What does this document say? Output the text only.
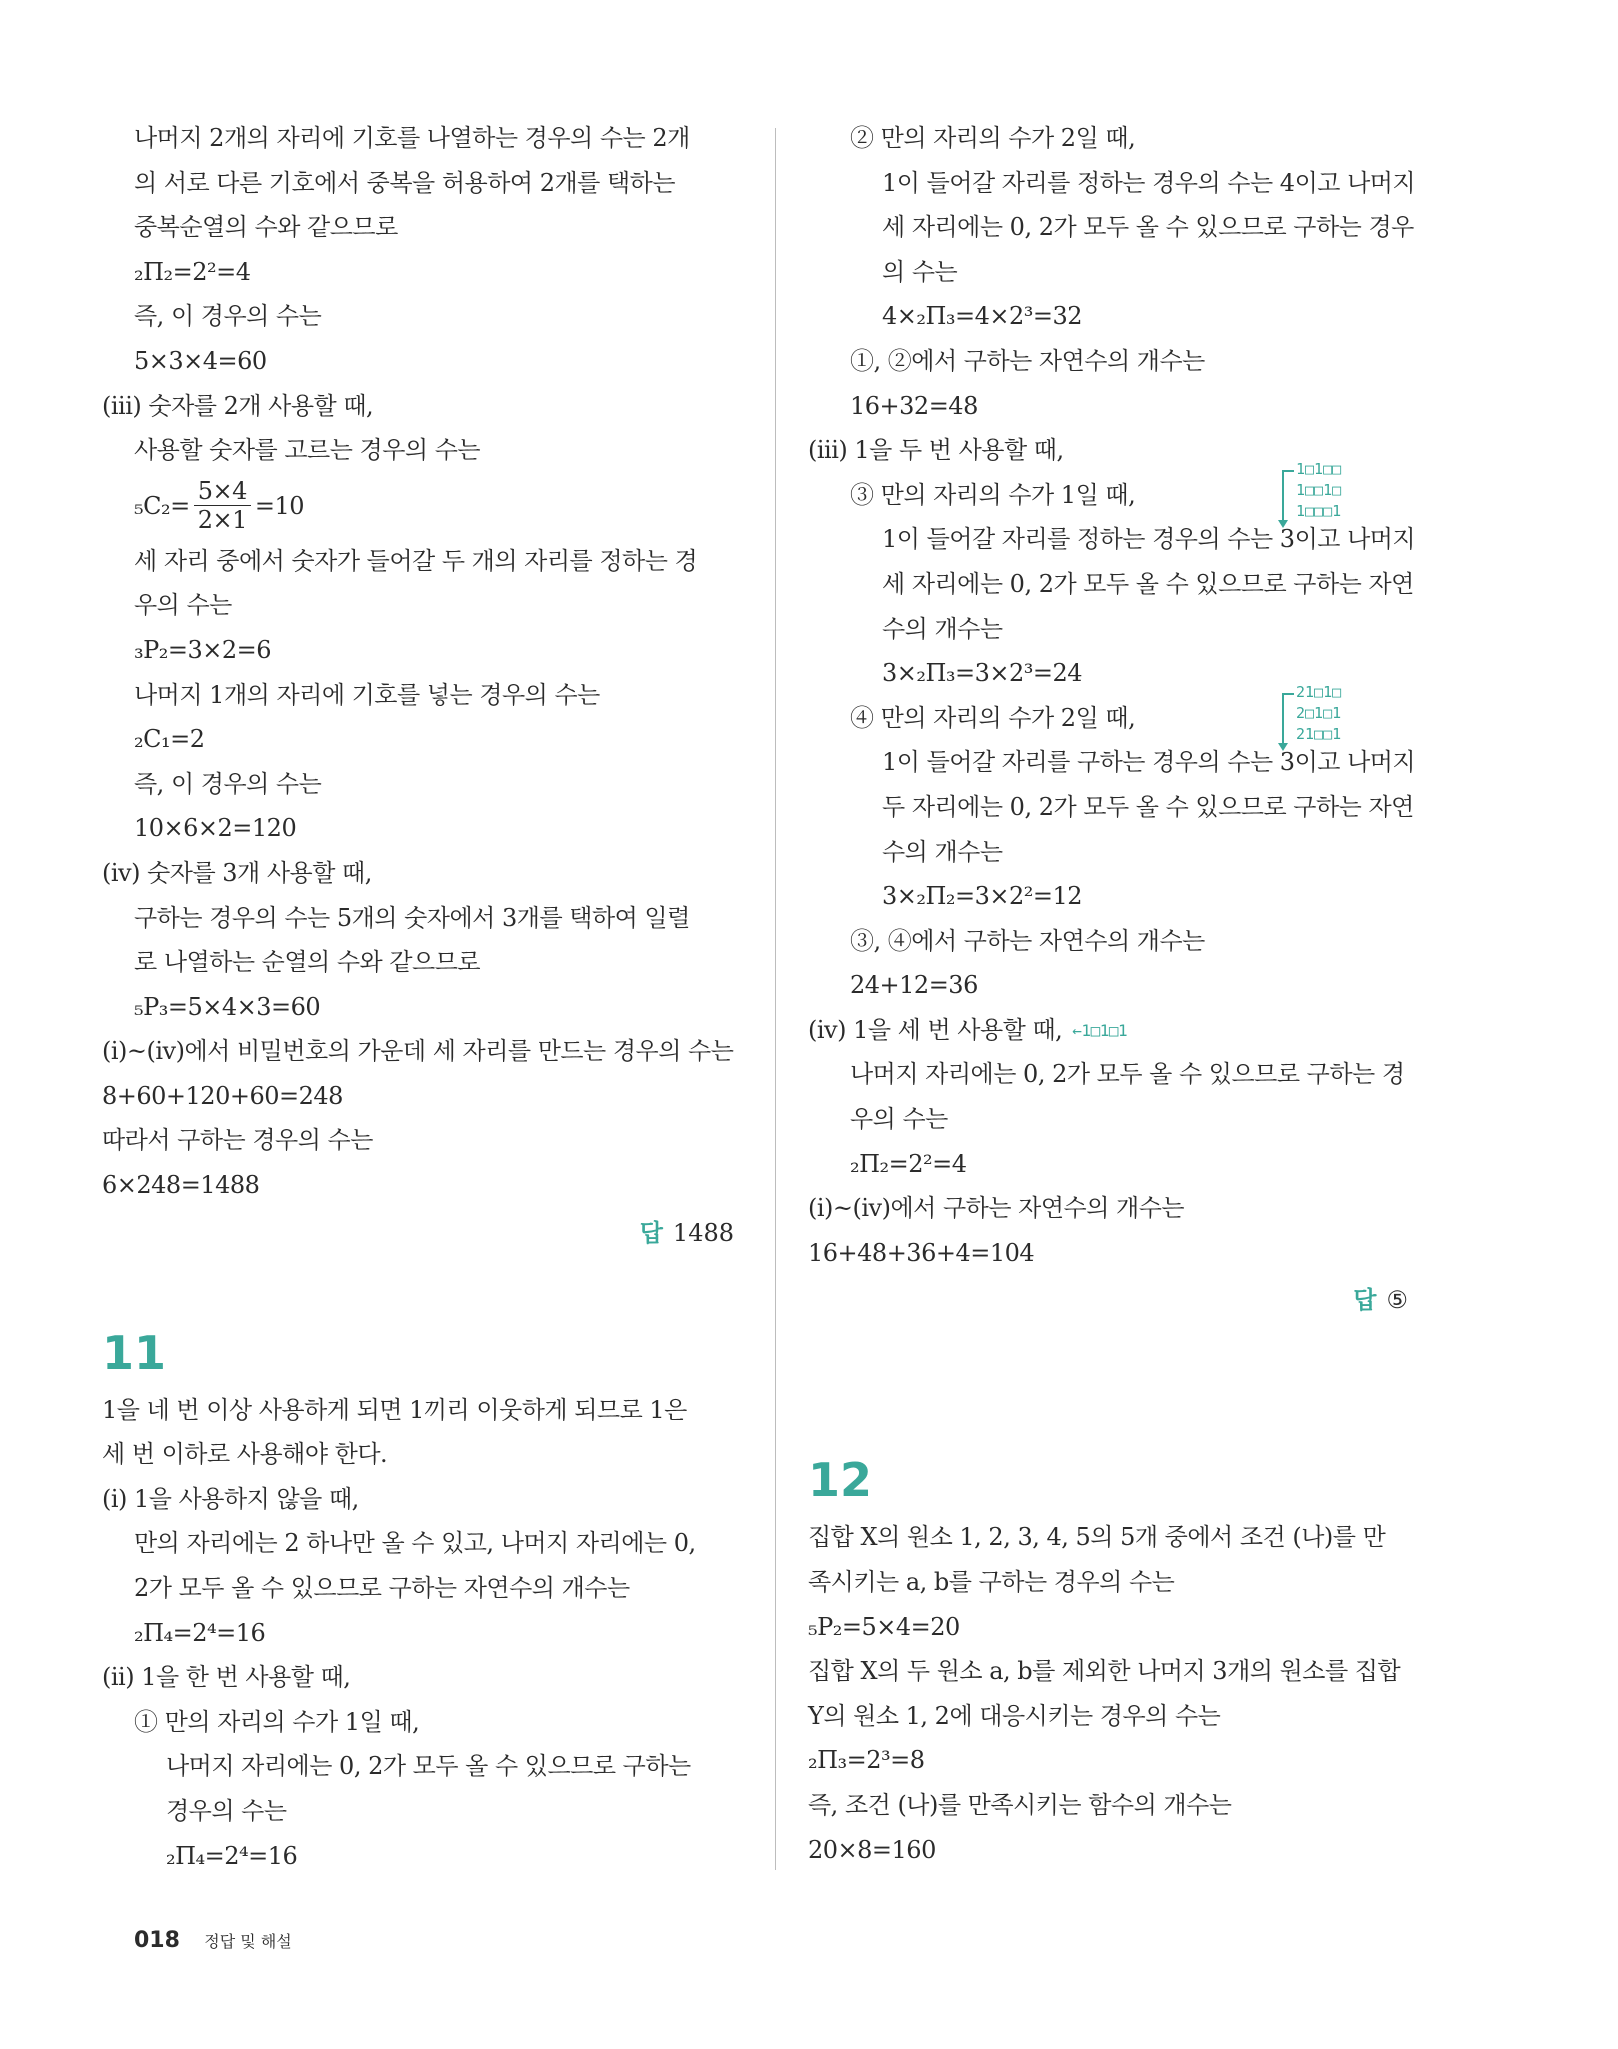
나머지 2개의 자리에 기호를 나열하는 경우의 수는 2개
의 서로 다른 기호에서 중복을 허용하여 2개를 택하는
중복순열의 수와 같으므로
₂Π₂=2²=4
즉, 이 경우의 수는
5×3×4=60
(iii) 숫자를 2개 사용할 때,
사용할 숫자를 고르는 경우의 수는
$_5C_2= \frac{5\times 4}{2\times 1} =10$
세 자리 중에서 숫자가 들어갈 두 개의 자리를 정하는 경
우의 수는
₃P₂=3×2=6
나머지 1개의 자리에 기호를 넣는 경우의 수는
₂C₁=2
즉, 이 경우의 수는
10×6×2=120
(iv) 숫자를 3개 사용할 때,
구하는 경우의 수는 5개의 숫자에서 3개를 택하여 일렬
로 나열하는 순열의 수와 같으므로
₅P₃=5×4×3=60
(i)~(iv)에서 비밀번호의 가운데 세 자리를 만드는 경우의 수는
8+60+120+60=248
따라서 구하는 경우의 수는
6×248=1488
답 1488
11
1을 네 번 이상 사용하게 되면 1끼리 이웃하게 되므로 1은
세 번 이하로 사용해야 한다.
(i) 1을 사용하지 않을 때,
만의 자리에는 2 하나만 올 수 있고, 나머지 자리에는 0,
2가 모두 올 수 있으므로 구하는 자연수의 개수는
₂Π₄=2⁴=16
(ii) 1을 한 번 사용할 때,
① 만의 자리의 수가 1일 때,
나머지 자리에는 0, 2가 모두 올 수 있으므로 구하는
경우의 수는
₂Π₄=2⁴=16
② 만의 자리의 수가 2일 때,
1이 들어갈 자리를 정하는 경우의 수는 4이고 나머지
세 자리에는 0, 2가 모두 올 수 있으므로 구하는 경우
의 수는
4×₂Π₃=4×2³=32
①, ②에서 구하는 자연수의 개수는
16+32=48
(iii) 1을 두 번 사용할 때,
③ 만의 자리의 수가 1일 때,
1이 들어갈 자리를 정하는 경우의 수는 3이고 나머지
세 자리에는 0, 2가 모두 올 수 있으므로 구하는 자연
수의 개수는
3×₂Π₃=3×2³=24
④ 만의 자리의 수가 2일 때,
1이 들어갈 자리를 구하는 경우의 수는 3이고 나머지
두 자리에는 0, 2가 모두 올 수 있으므로 구하는 자연
수의 개수는
3×₂Π₂=3×2²=12
③, ④에서 구하는 자연수의 개수는
24+12=36
(iv) 1을 세 번 사용할 때, ←1□1□1
나머지 자리에는 0, 2가 모두 올 수 있으므로 구하는 경
우의 수는
₂Π₂=2²=4
(i)~(iv)에서 구하는 자연수의 개수는
16+48+36+4=104
답 ⑤
12
집합 X의 원소 1, 2, 3, 4, 5의 5개 중에서 조건 (나)를 만
족시키는 a, b를 구하는 경우의 수는
₅P₂=5×4=20
집합 X의 두 원소 a, b를 제외한 나머지 3개의 원소를 집합
Y의 원소 1, 2에 대응시키는 경우의 수는
₂Π₃=2³=8
즉, 조건 (나)를 만족시키는 함수의 개수는
20×8=160
1□1□□
1□□1□
1□□□1
21□1□
2□1□1
21□□1
018 정답 및 해설
